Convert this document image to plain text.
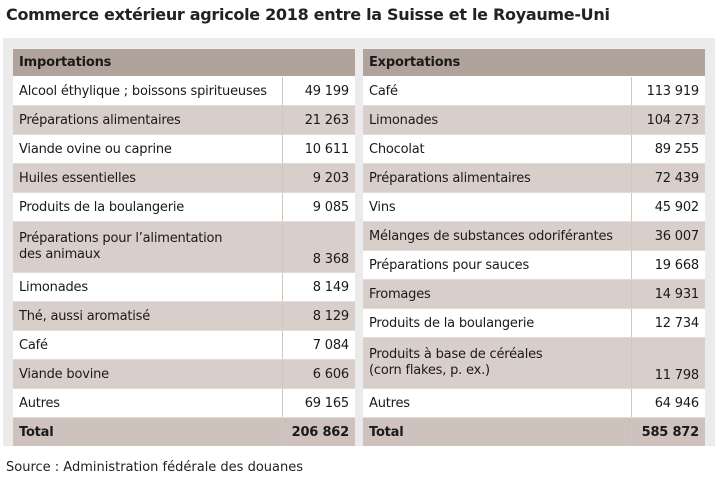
Commerce extérieur agricole 2018 entre la Suisse et le Royaume-Uni
Importations	
Alcool éthylique ; boissons spiritueuses	49 199
Préparations alimentaires	21 263
Viande ovine ou caprine	10 611
Huiles essentielles	9 203
Produits de la boulangerie	9 085
Préparations pour l’alimentation
des animaux	8 368
Limonades	8 149
Thé, aussi aromatisé	8 129
Café	7 084
Viande bovine	6 606
Autres	69 165
Total	206 862
Exportations	
Café	113 919
Limonades	104 273
Chocolat	89 255
Préparations alimentaires	72 439
Vins	45 902
Mélanges de substances odoriférantes	36 007
Préparations pour sauces	19 668
Fromages	14 931
Produits de la boulangerie	12 734
Produits à base de céréales
(corn flakes, p. ex.)	11 798
Autres	64 946
Total	585 872
Source : Administration fédérale des douanes
